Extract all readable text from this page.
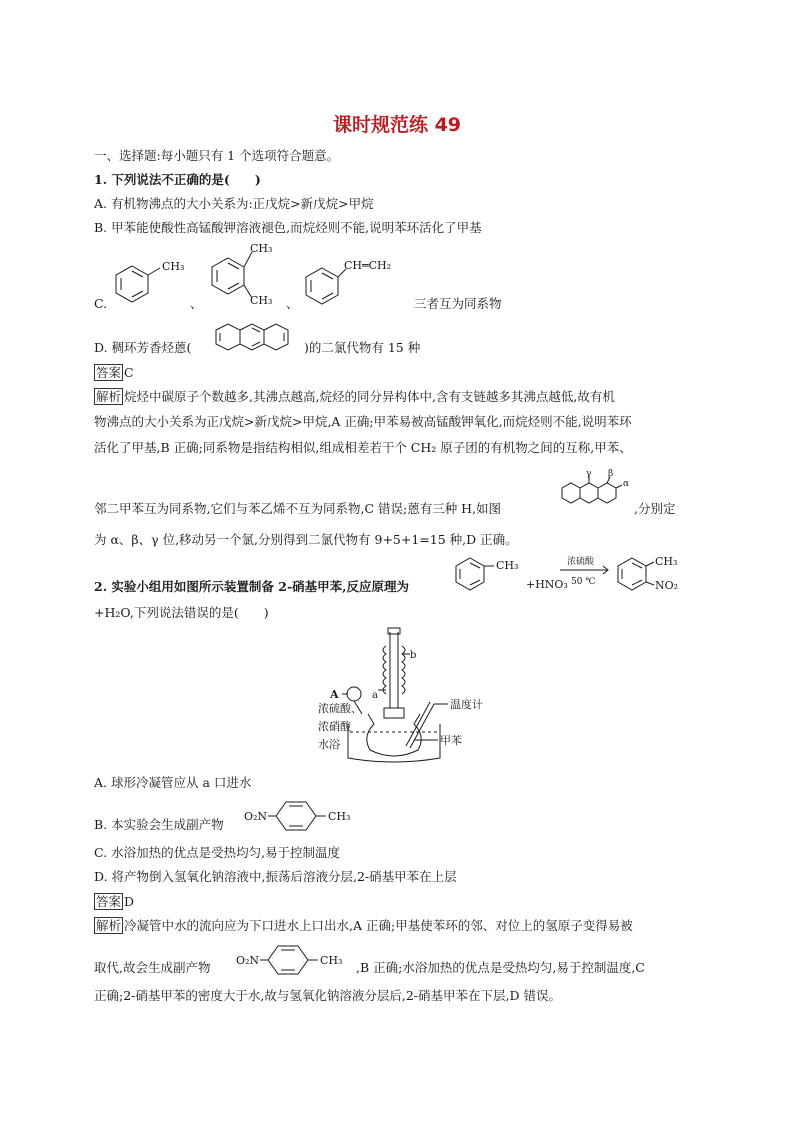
课时规范练 49
一、选择题:每小题只有 1 个选项符合题意。
1. 下列说法不正确的是(　　)
A. 有机物沸点的大小关系为:正戊烷>新戊烷>甲烷
B. 甲苯能使酸性高锰酸钾溶液褪色,而烷烃则不能,说明苯环活化了甲基
C.
CH₃
、
CH₃
CH₃ 、
CH═CH₂
三者互为同系物
D. 稠环芳香烃蒽(	)的二氯代物有 15 种
答案 C
解析 烷烃中碳原子个数越多,其沸点越高,烷烃的同分异构体中,含有支链越多其沸点越低,故有机
物沸点的大小关系为正戊烷>新戊烷>甲烷,A 正确;甲苯易被高锰酸钾氧化,而烷烃则不能,说明苯环
活化了甲基,B 正确;同系物是指结构相似,组成相差若干个 CH₂ 原子团的有机物之间的互称,甲苯、
邻二甲苯互为同系物,它们与苯乙烯不互为同系物,C 错误;蒽有三种 H,如图
γ β
α
,分别定
为 α、β、γ 位,移动另一个氯,分别得到二氯代物有 9+5+1=15 种,D 正确。
2. 实验小组用如图所示装置制备 2-硝基甲苯,反应原理为
CH₃
+HNO₃
浓硫酸
50 ℃
CH₃
NO₂
+H₂O,下列说法错误的是(　　)
b
a
A
温度计
甲苯
浓硫酸、
浓硝酸
水浴
A. 球形冷凝管应从 a 口进水
B. 本实验会生成副产物
O₂N	CH₃
C. 水浴加热的优点是受热均匀,易于控制温度
D. 将产物倒入氢氧化钠溶液中,振荡后溶液分层,2-硝基甲苯在上层
答案 D
解析 冷凝管中水的流向应为下口进水上口出水,A 正确;甲基使苯环的邻、对位上的氢原子变得易被
取代,故会生成副产物 O₂N	CH₃ ,B 正确;水浴加热的优点是受热均匀,易于控制温度,C
正确;2-硝基甲苯的密度大于水,故与氢氧化钠溶液分层后,2-硝基甲苯在下层,D 错误。
